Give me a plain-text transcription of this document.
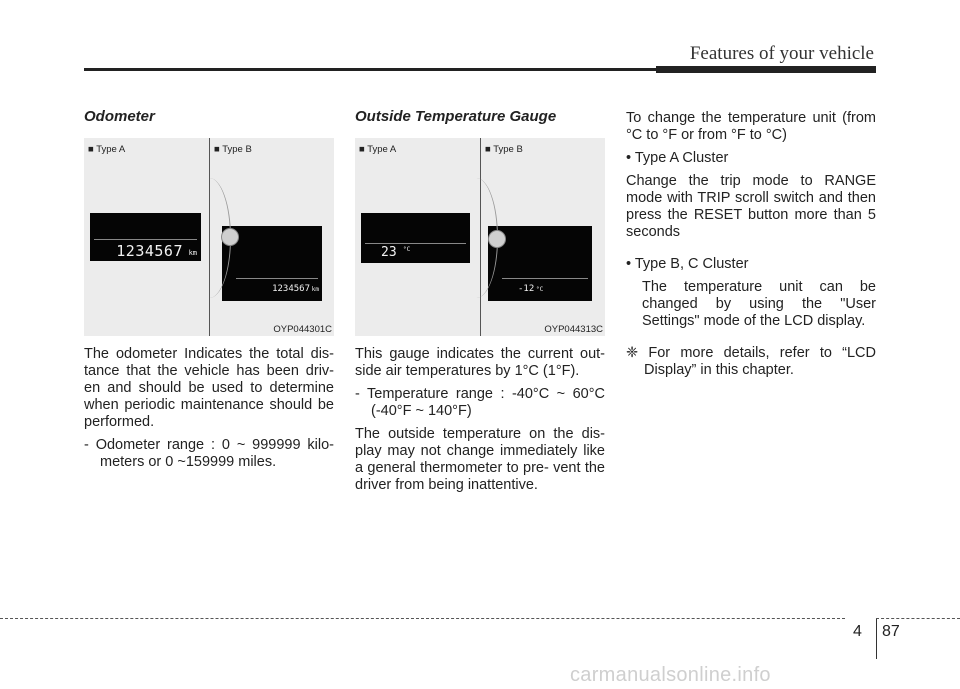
Features of your vehicle
Odometer
■ Type A	■ Type B
1234567 km
1234567 km
OYP044301C

The odometer Indicates the total dis- tance that the vehicle has been driv- en and should be used to determine when periodic maintenance should be performed.

- Odometer range : 0 ~ 999999 kilo- meters or 0 ~159999 miles.

Outside Temperature Gauge
■ Type A	■ Type B
23 °C
-12 °C
OYP044313C

This gauge indicates the current out- side air temperatures by 1°C (1°F).

- Temperature range : -40°C ~ 60°C (-40°F ~ 140°F)

The outside temperature on the dis- play may not change immediately like a general thermometer to pre- vent the driver from being inattentive.

To change the temperature unit (from °C to °F or from °F to °C)

• Type A Cluster

Change the trip mode to RANGE mode with TRIP scroll switch and then press the RESET button more than 5 seconds

• Type B, C Cluster

The temperature unit can be changed by using the "User Settings" mode of the LCD display.

❈ For more details, refer to “LCD Display” in this chapter.

4 87
carmanualsonline.info
